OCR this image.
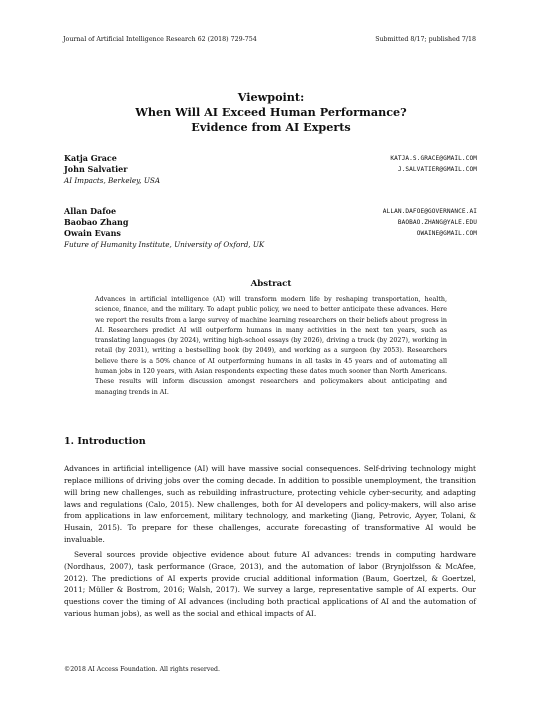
Journal of Artificial Intelligence Research 62 (2018) 729-754	Submitted 8/17; published 7/18
Viewpoint:
When Will AI Exceed Human Performance?
Evidence from AI Experts
Katja Grace	KATJA.S.GRACE@GMAIL.COM
John Salvatier	J.SALVATIER@GMAIL.COM
AI Impacts, Berkeley, USA
Allan Dafoe	ALLAN.DAFOE@GOVERNANCE.AI
Baobao Zhang	BAOBAO.ZHANG@YALE.EDU
Owain Evans	OWAINE@GMAIL.COM
Future of Humanity Institute, University of Oxford, UK
Abstract
Advances in artificial intelligence (AI) will transform modern life by reshaping transportation, health, science, finance, and the military. To adapt public policy, we need to better anticipate these advances. Here we report the results from a large survey of machine learning researchers on their beliefs about progress in AI. Researchers predict AI will outperform humans in many activities in the next ten years, such as translating languages (by 2024), writing high-school essays (by 2026), driving a truck (by 2027), working in retail (by 2031), writing a bestselling book (by 2049), and working as a surgeon (by 2053). Researchers believe there is a 50% chance of AI outperforming humans in all tasks in 45 years and of automating all human jobs in 120 years, with Asian respondents expecting these dates much sooner than North Americans. These results will inform discussion amongst researchers and policymakers about anticipating and managing trends in AI.
1. Introduction

Advances in artificial intelligence (AI) will have massive social consequences. Self-driving technology might replace millions of driving jobs over the coming decade. In addition to possible unemployment, the transition will bring new challenges, such as rebuilding infrastructure, protecting vehicle cyber-security, and adapting laws and regulations (Calo, 2015). New challenges, both for AI developers and policy-makers, will also arise from applications in law enforcement, military technology, and marketing (Jiang, Petrovic, Ayyer, Tolani, & Husain, 2015). To prepare for these challenges, accurate forecasting of transformative AI would be invaluable.

Several sources provide objective evidence about future AI advances: trends in computing hardware (Nordhaus, 2007), task performance (Grace, 2013), and the automation of labor (Brynjolfsson & McAfee, 2012). The predictions of AI experts provide crucial additional information (Baum, Goertzel, & Goertzel, 2011; Müller & Bostrom, 2016; Walsh, 2017). We survey a large, representative sample of AI experts. Our questions cover the timing of AI advances (including both practical applications of AI and the automation of various human jobs), as well as the social and ethical impacts of AI.

©2018 AI Access Foundation. All rights reserved.
